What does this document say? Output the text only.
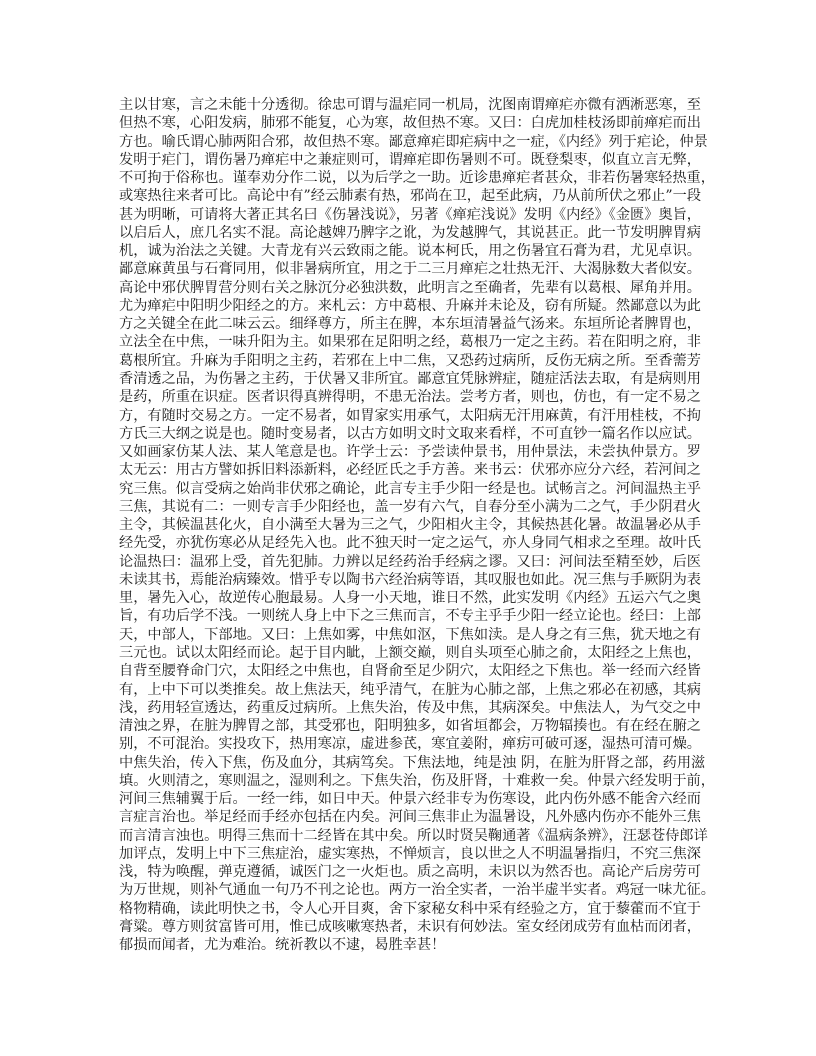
主以甘寒，言之未能十分透彻。徐忠可谓与温疟同一机局，沈图南谓瘅疟亦微有洒淅恶寒，至
但热不寒，心阳发病，肺邪不能复，心为寒，故但热不寒。又曰：白虎加桂枝汤即前瘅疟而出
方也。喻氏谓心肺两阳合邪，故但热不寒。鄙意瘅疟即疟病中之一症，《内经》列于疟论，仲景
发明于疟门，谓伤暑乃瘅疟中之兼症则可，谓瘅疟即伤暑则不可。既登梨枣，似直立言无弊，
不可拘于俗称也。谨奉劝分作二说，以为后学之一助。近诊患瘅疟者甚众，非若伤暑寒轻热重，
或寒热往来者可比。高论中有”经云肺素有热，邪尚在卫，起至此病，乃从前所伏之邪止”一段
甚为明晰，可请将大著正其名曰《伤暑浅说》，另著《瘅疟浅说》发明《内经》《金匮》奥旨，
以启后人，庶几名实不混。高论越婢乃脾字之讹，为发越脾气，其说甚正。此一节发明脾胃病
机，诚为治法之关键。大青龙有兴云致雨之能。说本柯氏，用之伤暑宜石膏为君，尤见卓识。
鄙意麻黄虽与石膏同用，似非暑病所宜，用之于二三月瘅疟之壮热无汗、大渴脉数大者似安。
高论中邪伏脾胃营分则右关之脉沉分必独洪数，此明言之至确者，先辈有以葛根、犀角并用。
尤为瘅疟中阳明少阳经之的方。来札云：方中葛根、升麻并未论及，窃有所疑。然鄙意以为此
方之关键全在此二味云云。细绎尊方，所主在脾，本东垣清暑益气汤来。东垣所论者脾胃也，
立法全在中焦，一味升阳为主。如果邪在足阳明之经，葛根乃一定之主药。若在阳明之府，非
葛根所宜。升麻为手阳明之主药，若邪在上中二焦，又恐药过病所，反伤无病之所。至香薷芳
香清透之品，为伤暑之主药，于伏暑又非所宜。鄙意宜凭脉辨症，随症活法去取，有是病则用
是药，所重在识症。医者识得真辨得明，不患无治法。尝考方者，则也，仿也，有一定不易之
方，有随时交易之方。一定不易者，如胃家实用承气，太阳病无汗用麻黄，有汗用桂枝，不拘
方氏三大纲之说是也。随时变易者，以古方如明文时文取来看样，不可直钞一篇名作以应试。
又如画家仿某人法、某人笔意是也。许学士云：予尝读仲景书，用仲景法，未尝执仲景方。罗
太无云：用古方譬如拆旧料添新料，必经匠氏之手方善。来书云：伏邪亦应分六经，若河间之
究三焦。似言受病之始尚非伏邪之确论，此言专主手少阳一经是也。试畅言之。河间温热主乎
三焦，其说有二：一则专言手少阳经也，盖一岁有六气，自春分至小满为二之气，手少阴君火
主令，其候温甚化火，自小满至大暑为三之气，少阳相火主令，其候热甚化暑。故温暑必从手
经先受，亦犹伤寒必从足经先入也。此不独天时一定之运气，亦人身同气相求之至理。故叶氏
论温热曰：温邪上受，首先犯肺。力辨以足经药治手经病之谬。又曰：河间法至精至妙，后医
未读其书，焉能治病臻效。惜乎专以陶书六经治病等语，其叹服也如此。况三焦与手厥阴为表
里，暑先入心，故逆传心胞最易。人身一小天地，谁日不然，此实发明《内经》五运六气之奥
旨，有功后学不浅。一则统人身上中下之三焦而言，不专主乎手少阳一经立论也。经曰：上部
天，中部人，下部地。又曰：上焦如雾，中焦如沤，下焦如渎。是人身之有三焦，犹天地之有
三元也。试以太阳经而论。起于目内眦，上额交巅，则自头项至心肺之俞，太阳经之上焦也，
自背至腰脊命门穴，太阳经之中焦也，自肾俞至足少阴穴，太阳经之下焦也。举一经而六经皆
有，上中下可以类推矣。故上焦法天，纯乎清气，在脏为心肺之部，上焦之邪必在初感，其病
浅，药用轻宣透达，药重反过病所。上焦失治，传及中焦，其病深矣。中焦法人，为气交之中
清浊之界，在脏为脾胃之部，其受邪也，阳明独多，如省垣都会，万物辐揍也。有在经在腑之
别，不可混治。实投攻下，热用寒凉，虚进参芪，寒宜姜附，瘅疠可破可逐，湿热可清可燥。
中焦失治，传入下焦，伤及血分，其病笃矣。下焦法地，纯是浊 阴，在脏为肝肾之部，药用滋
填。火则清之，寒则温之，湿则利之。下焦失治，伤及肝肾，十难救一矣。仲景六经发明于前，
河间三焦辅翼于后。一经一纬，如日中天。仲景六经非专为伤寒设，此内伤外感不能舍六经而
言症言治也。举足经而手经亦包括在内矣。河间三焦非止为温暑设，凡外感内伤亦不能外三焦
而言清言浊也。明得三焦而十二经皆在其中矣。所以时贤吴鞠通著《温病条辨》，汪瑟苍侍郎详
加评点，发明上中下三焦症治，虚实寒热，不惮烦言，良以世之人不明温暑指归，不究三焦深
浅，特为唤醒，弹克遵循，诚医门之一火炬也。质之高明，未识以为然否也。高论产后房劳可
为万世规，则补气通血一句乃不刊之论也。两方一治全实者，一治半虚半实者。鸡冠一味尤征。
格物精确，读此明快之书，令人心开目爽，舍下家秘女科中采有经验之方，宜于藜藿而不宜于
膏粱。尊方则贫富皆可用，惟已成咳嗽寒热者，未识有何妙法。室女经闭成劳有血枯而闭者，
郁损而闻者，尤为难治。统祈教以不逮，曷胜幸甚！
